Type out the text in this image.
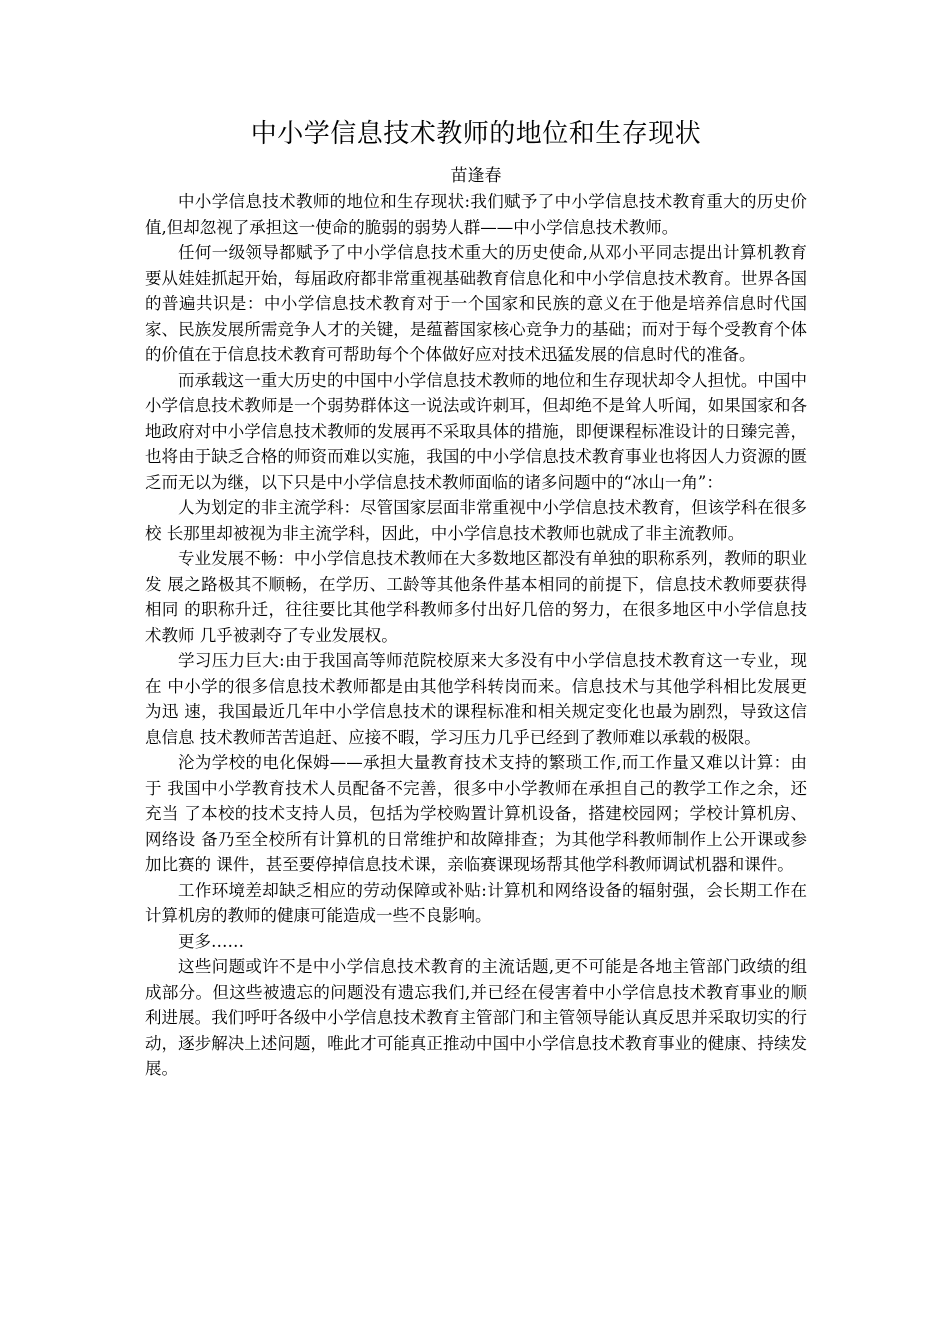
中小学信息技术教师的地位和生存现状
苗逢春

中小学信息技术教师的地位和生存现状:我们赋予了中小学信息技术教育重大的历史价值,但却忽视了承担这一使命的脆弱的弱势人群——中小学信息技术教师。

任何一级领导都赋予了中小学信息技术重大的历史使命,从邓小平同志提出计算机教育 要从娃娃抓起开始，每届政府都非常重视基础教育信息化和中小学信息技术教育。世界各国 的普遍共识是：中小学信息技术教育对于一个国家和民族的意义在于他是培养信息时代国 家、民族发展所需竞争人才的关键，是蕴蓄国家核心竞争力的基础；而对于每个受教育个体 的价值在于信息技术教育可帮助每个个体做好应对技术迅猛发展的信息时代的准备。

而承载这一重大历史的中国中小学信息技术教师的地位和生存现状却令人担忧。中国中 小学信息技术教师是一个弱势群体这一说法或许刺耳，但却绝不是耸人听闻，如果国家和各 地政府对中小学信息技术教师的发展再不采取具体的措施，即便课程标准设计的日臻完善， 也将由于缺乏合格的师资而难以实施，我国的中小学信息技术教育事业也将因人力资源的匮 乏而无以为继，以下只是中小学信息技术教师面临的诸多问题中的“冰山一角”：

人为划定的非主流学科：尽管国家层面非常重视中小学信息技术教育，但该学科在很多校 长那里却被视为非主流学科，因此，中小学信息技术教师也就成了非主流教师。

专业发展不畅：中小学信息技术教师在大多数地区都没有单独的职称系列，教师的职业发 展之路极其不顺畅，在学历、工龄等其他条件基本相同的前提下，信息技术教师要获得相同 的职称升迁，往往要比其他学科教师多付出好几倍的努力，在很多地区中小学信息技术教师 几乎被剥夺了专业发展权。

学习压力巨大:由于我国高等师范院校原来大多没有中小学信息技术教育这一专业，现在 中小学的很多信息技术教师都是由其他学科转岗而来。信息技术与其他学科相比发展更为迅 速，我国最近几年中小学信息技术的课程标准和相关规定变化也最为剧烈，导致这信息信息 技术教师苦苦追赶、应接不暇，学习压力几乎已经到了教师难以承载的极限。

沦为学校的电化保姆——承担大量教育技术支持的繁琐工作,而工作量又难以计算：由于 我国中小学教育技术人员配备不完善，很多中小学教师在承担自己的教学工作之余，还充当 了本校的技术支持人员，包括为学校购置计算机设备，搭建校园网；学校计算机房、网络设 备乃至全校所有计算机的日常维护和故障排查；为其他学科教师制作上公开课或参加比赛的 课件，甚至要停掉信息技术课，亲临赛课现场帮其他学科教师调试机器和课件。

工作环境差却缺乏相应的劳动保障或补贴:计算机和网络设备的辐射强，会长期工作在计算机房的教师的健康可能造成一些不良影响。

更多……

这些问题或许不是中小学信息技术教育的主流话题,更不可能是各地主管部门政绩的组成部分。但这些被遗忘的问题没有遗忘我们,并已经在侵害着中小学信息技术教育事业的顺利进展。我们呼吁各级中小学信息技术教育主管部门和主管领导能认真反思并采取切实的行动，逐步解决上述问题，唯此才可能真正推动中国中小学信息技术教育事业的健康、持续发展。
